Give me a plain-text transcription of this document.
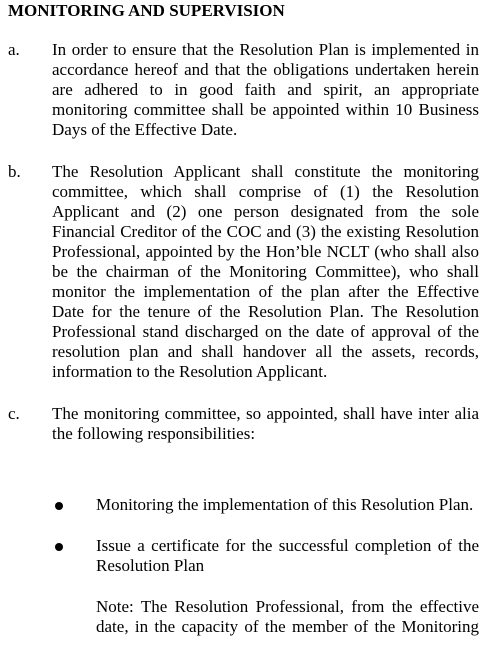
MONITORING AND SUPERVISION
a. In order to ensure that the Resolution Plan is implemented in
accordance hereof and that the obligations undertaken herein
are adhered to in good faith and spirit, an appropriate
monitoring committee shall be appointed within 10 Business
Days of the Effective Date.
b. The Resolution Applicant shall constitute the monitoring
committee, which shall comprise of (1) the Resolution
Applicant and (2) one person designated from the sole
Financial Creditor of the COC and (3) the existing Resolution
Professional, appointed by the Hon’ble NCLT (who shall also
be the chairman of the Monitoring Committee), who shall
monitor the implementation of the plan after the Effective
Date for the tenure of the Resolution Plan. The Resolution
Professional stand discharged on the date of approval of the
resolution plan and shall handover all the assets, records,
information to the Resolution Applicant.
c. The monitoring committee, so appointed, shall have inter alia
the following responsibilities:
Monitoring the implementation of this Resolution Plan.
Issue a certificate for the successful completion of the
Resolution Plan
Note: The Resolution Professional, from the effective
date, in the capacity of the member of the Monitoring
